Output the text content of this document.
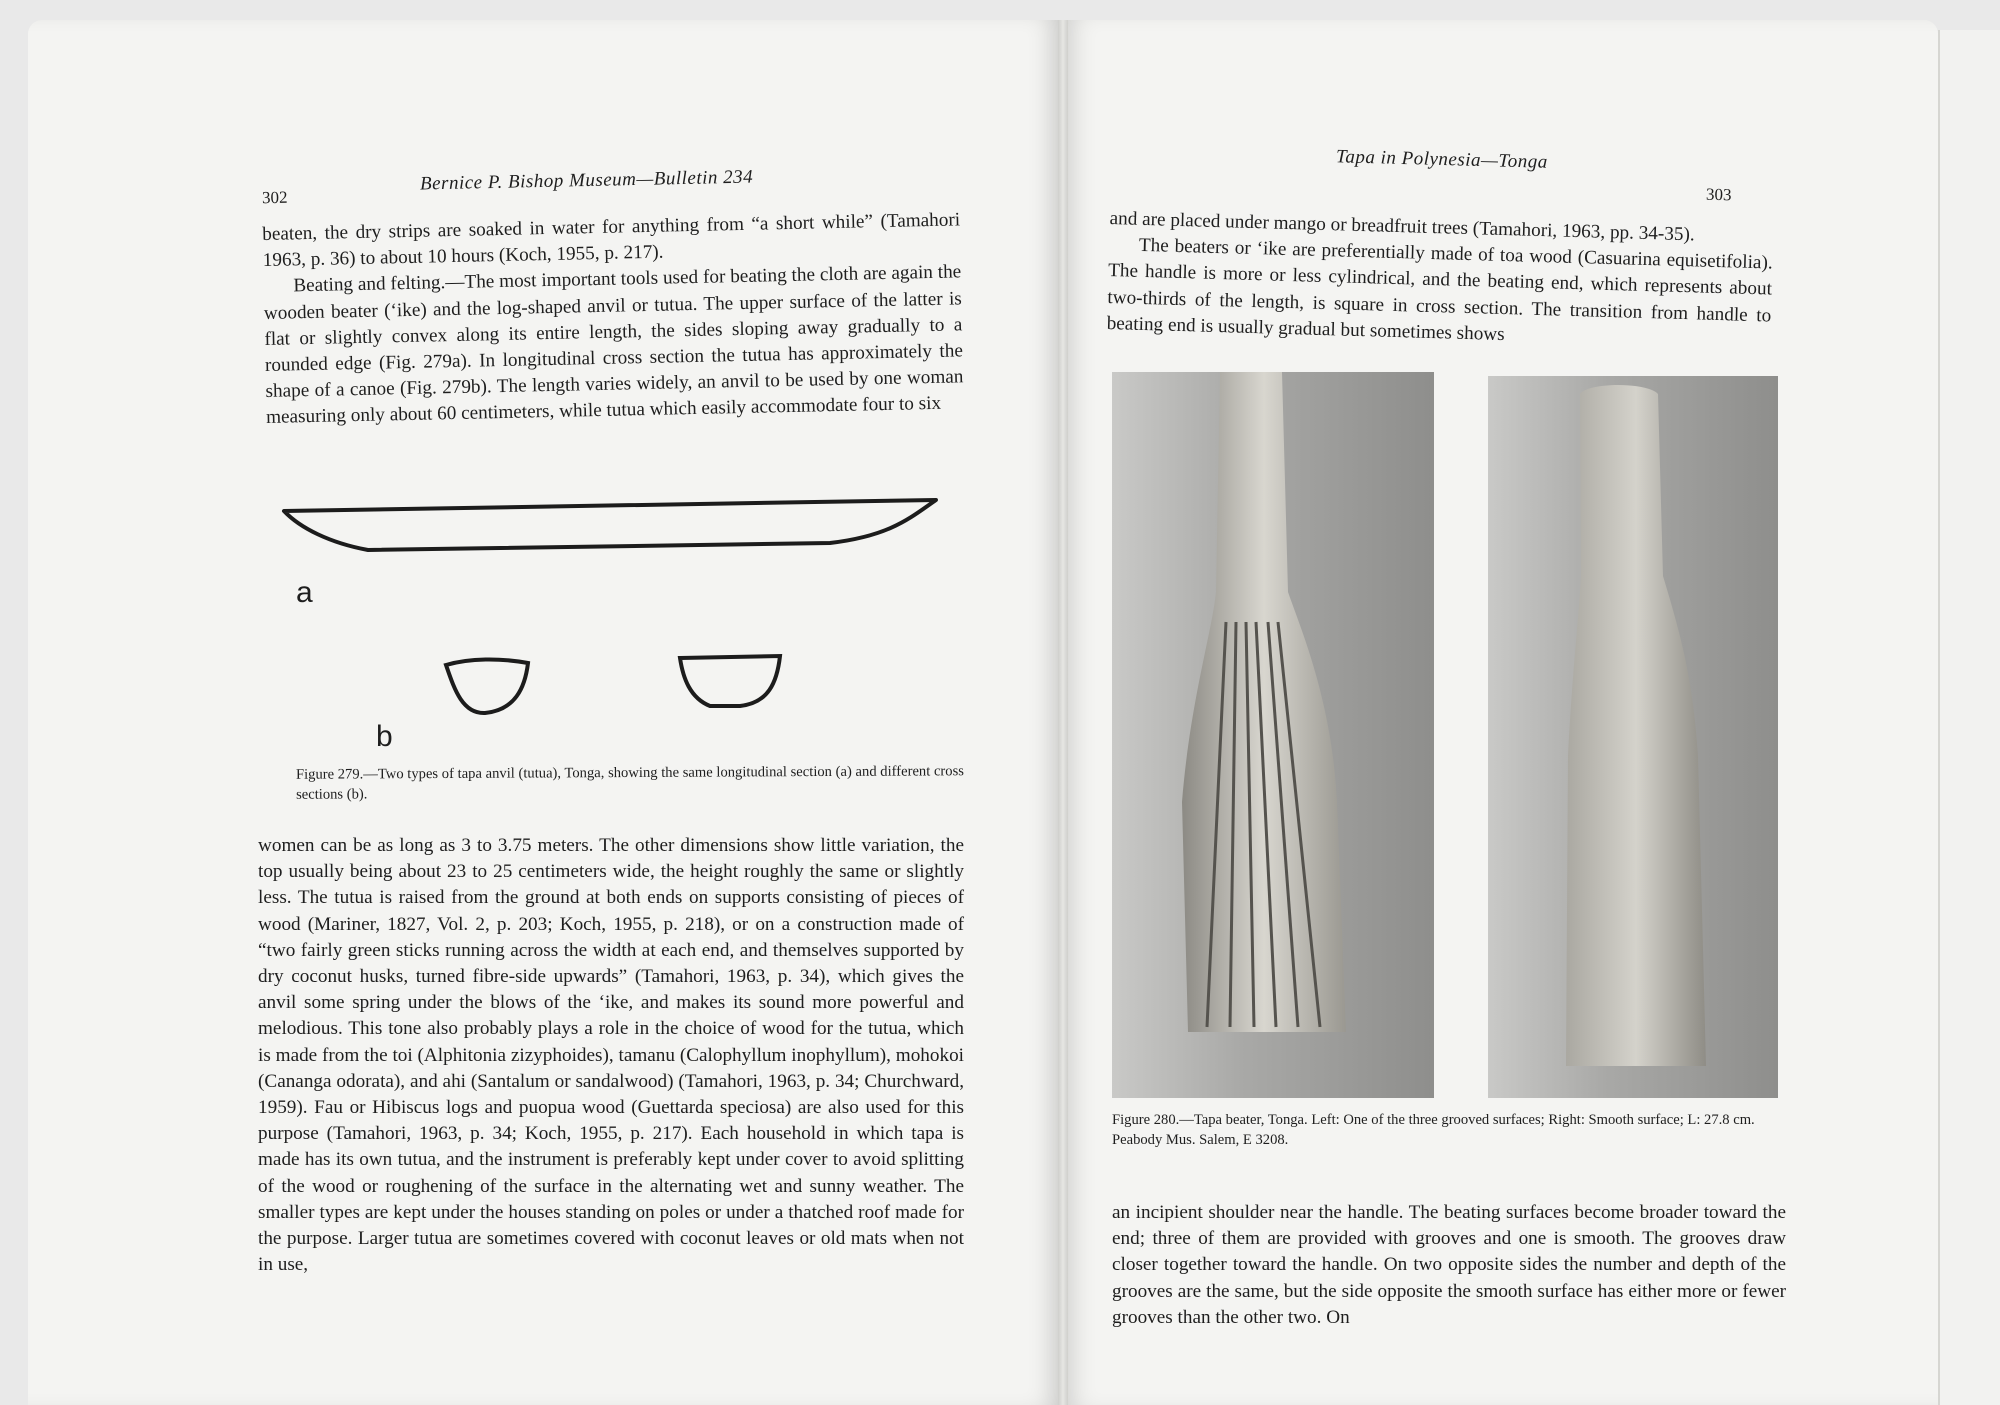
302
Bernice P. Bishop Museum—Bulletin 234

beaten, the dry strips are soaked in water for anything from “a short while” (Tamahori 1963, p. 36) to about 10 hours (Koch, 1955, p. 217).

Beating and felting.—The most important tools used for beating the cloth are again the wooden beater (‘ike) and the log-shaped anvil or tutua. The upper surface of the latter is flat or slightly convex along its entire length, the sides sloping away gradually to a rounded edge (Fig. 279a). In longitudinal cross section the tutua has approximately the shape of a canoe (Fig. 279b). The length varies widely, an anvil to be used by one woman measuring only about 60 centimeters, while tutua which easily accommodate four to six

a
b
Figure 279.—Two types of tapa anvil (tutua), Tonga, showing the same longitudinal section (a) and different cross sections (b).

women can be as long as 3 to 3.75 meters. The other dimensions show little variation, the top usually being about 23 to 25 centimeters wide, the height roughly the same or slightly less. The tutua is raised from the ground at both ends on supports consisting of pieces of wood (Mariner, 1827, Vol. 2, p. 203; Koch, 1955, p. 218), or on a construction made of “two fairly green sticks running across the width at each end, and themselves supported by dry coconut husks, turned fibre-side upwards” (Tamahori, 1963, p. 34), which gives the anvil some spring under the blows of the ‘ike, and makes its sound more powerful and melodious. This tone also probably plays a role in the choice of wood for the tutua, which is made from the toi (Alphitonia zizyphoides), tamanu (Calophyllum inophyllum), mohokoi (Cananga odorata), and ahi (Santalum or sandalwood) (Tamahori, 1963, p. 34; Churchward, 1959). Fau or Hibiscus logs and puopua wood (Guettarda speciosa) are also used for this purpose (Tamahori, 1963, p. 34; Koch, 1955, p. 217). Each household in which tapa is made has its own tutua, and the instrument is preferably kept under cover to avoid splitting of the wood or roughening of the surface in the alternating wet and sunny weather. The smaller types are kept under the houses standing on poles or under a thatched roof made for the purpose. Larger tutua are sometimes covered with coconut leaves or old mats when not in use,

Tapa in Polynesia—Tonga
303

and are placed under mango or breadfruit trees (Tamahori, 1963, pp. 34-35).

The beaters or ‘ike are preferentially made of toa wood (Casuarina equisetifolia). The handle is more or less cylindrical, and the beating end, which represents about two-thirds of the length, is square in cross section. The transition from handle to beating end is usually gradual but sometimes shows

Figure 280.—Tapa beater, Tonga. Left: One of the three grooved surfaces; Right: Smooth surface; L: 27.8 cm. Peabody Mus. Salem, E 3208.

an incipient shoulder near the handle. The beating surfaces become broader toward the end; three of them are provided with grooves and one is smooth. The grooves draw closer together toward the handle. On two opposite sides the number and depth of the grooves are the same, but the side opposite the smooth surface has either more or fewer grooves than the other two. On
